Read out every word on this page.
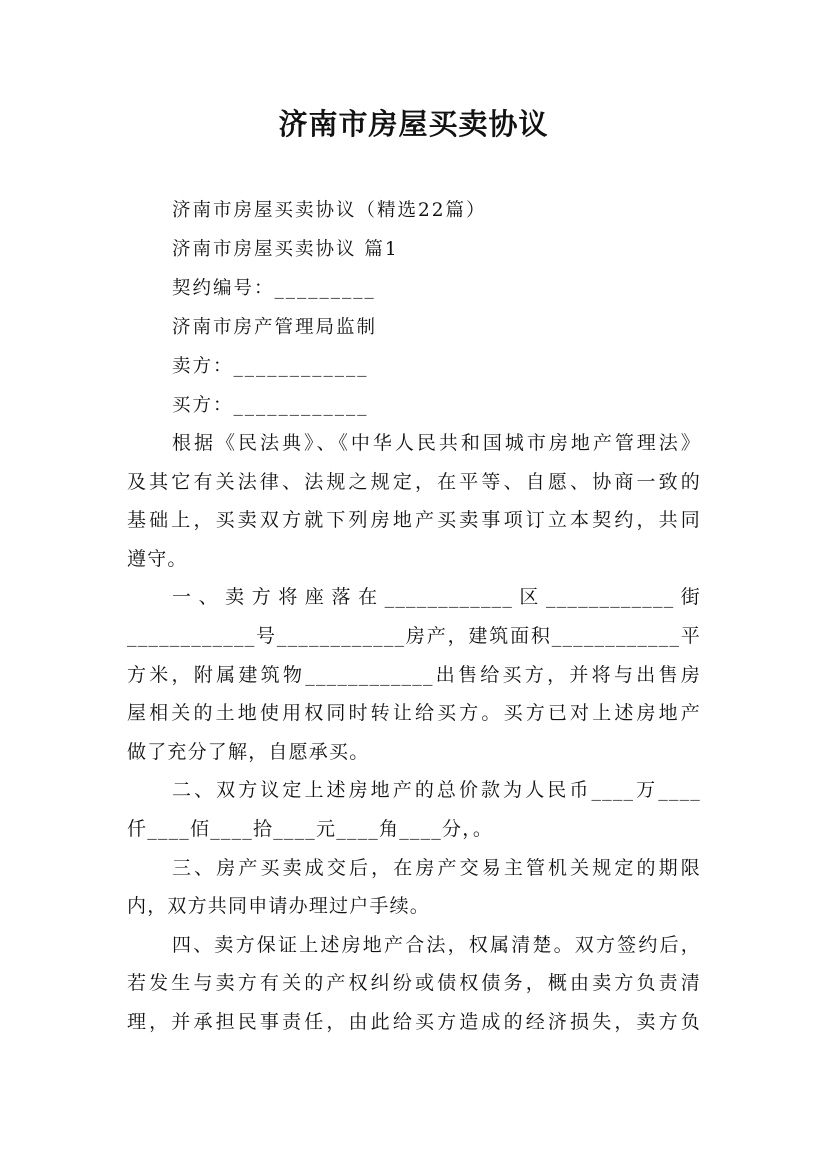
济南市房屋买卖协议
济南市房屋买卖协议（精选22篇）
济南市房屋买卖协议 篇1
契约编号：_________
济南市房产管理局监制
卖方：____________
买方：____________
根据《民法典》、《中华人民共和国城市房地产管理法》
及其它有关法律、法规之规定，在平等、自愿、协商一致的
基础上，买卖双方就下列房地产买卖事项订立本契约，共同
遵守。
一、卖方将座落在____________区____________街
____________号____________房产，建筑面积____________平
方米，附属建筑物____________出售给买方，并将与出售房
屋相关的土地使用权同时转让给买方。买方已对上述房地产
做了充分了解，自愿承买。
二、双方议定上述房地产的总价款为人民币____万____
仟____佰____拾____元____角____分，。
三、房产买卖成交后，在房产交易主管机关规定的期限
内，双方共同申请办理过户手续。
四、卖方保证上述房地产合法，权属清楚。双方签约后，
若发生与卖方有关的产权纠纷或债权债务，概由卖方负责清
理，并承担民事责任，由此给买方造成的经济损失，卖方负
